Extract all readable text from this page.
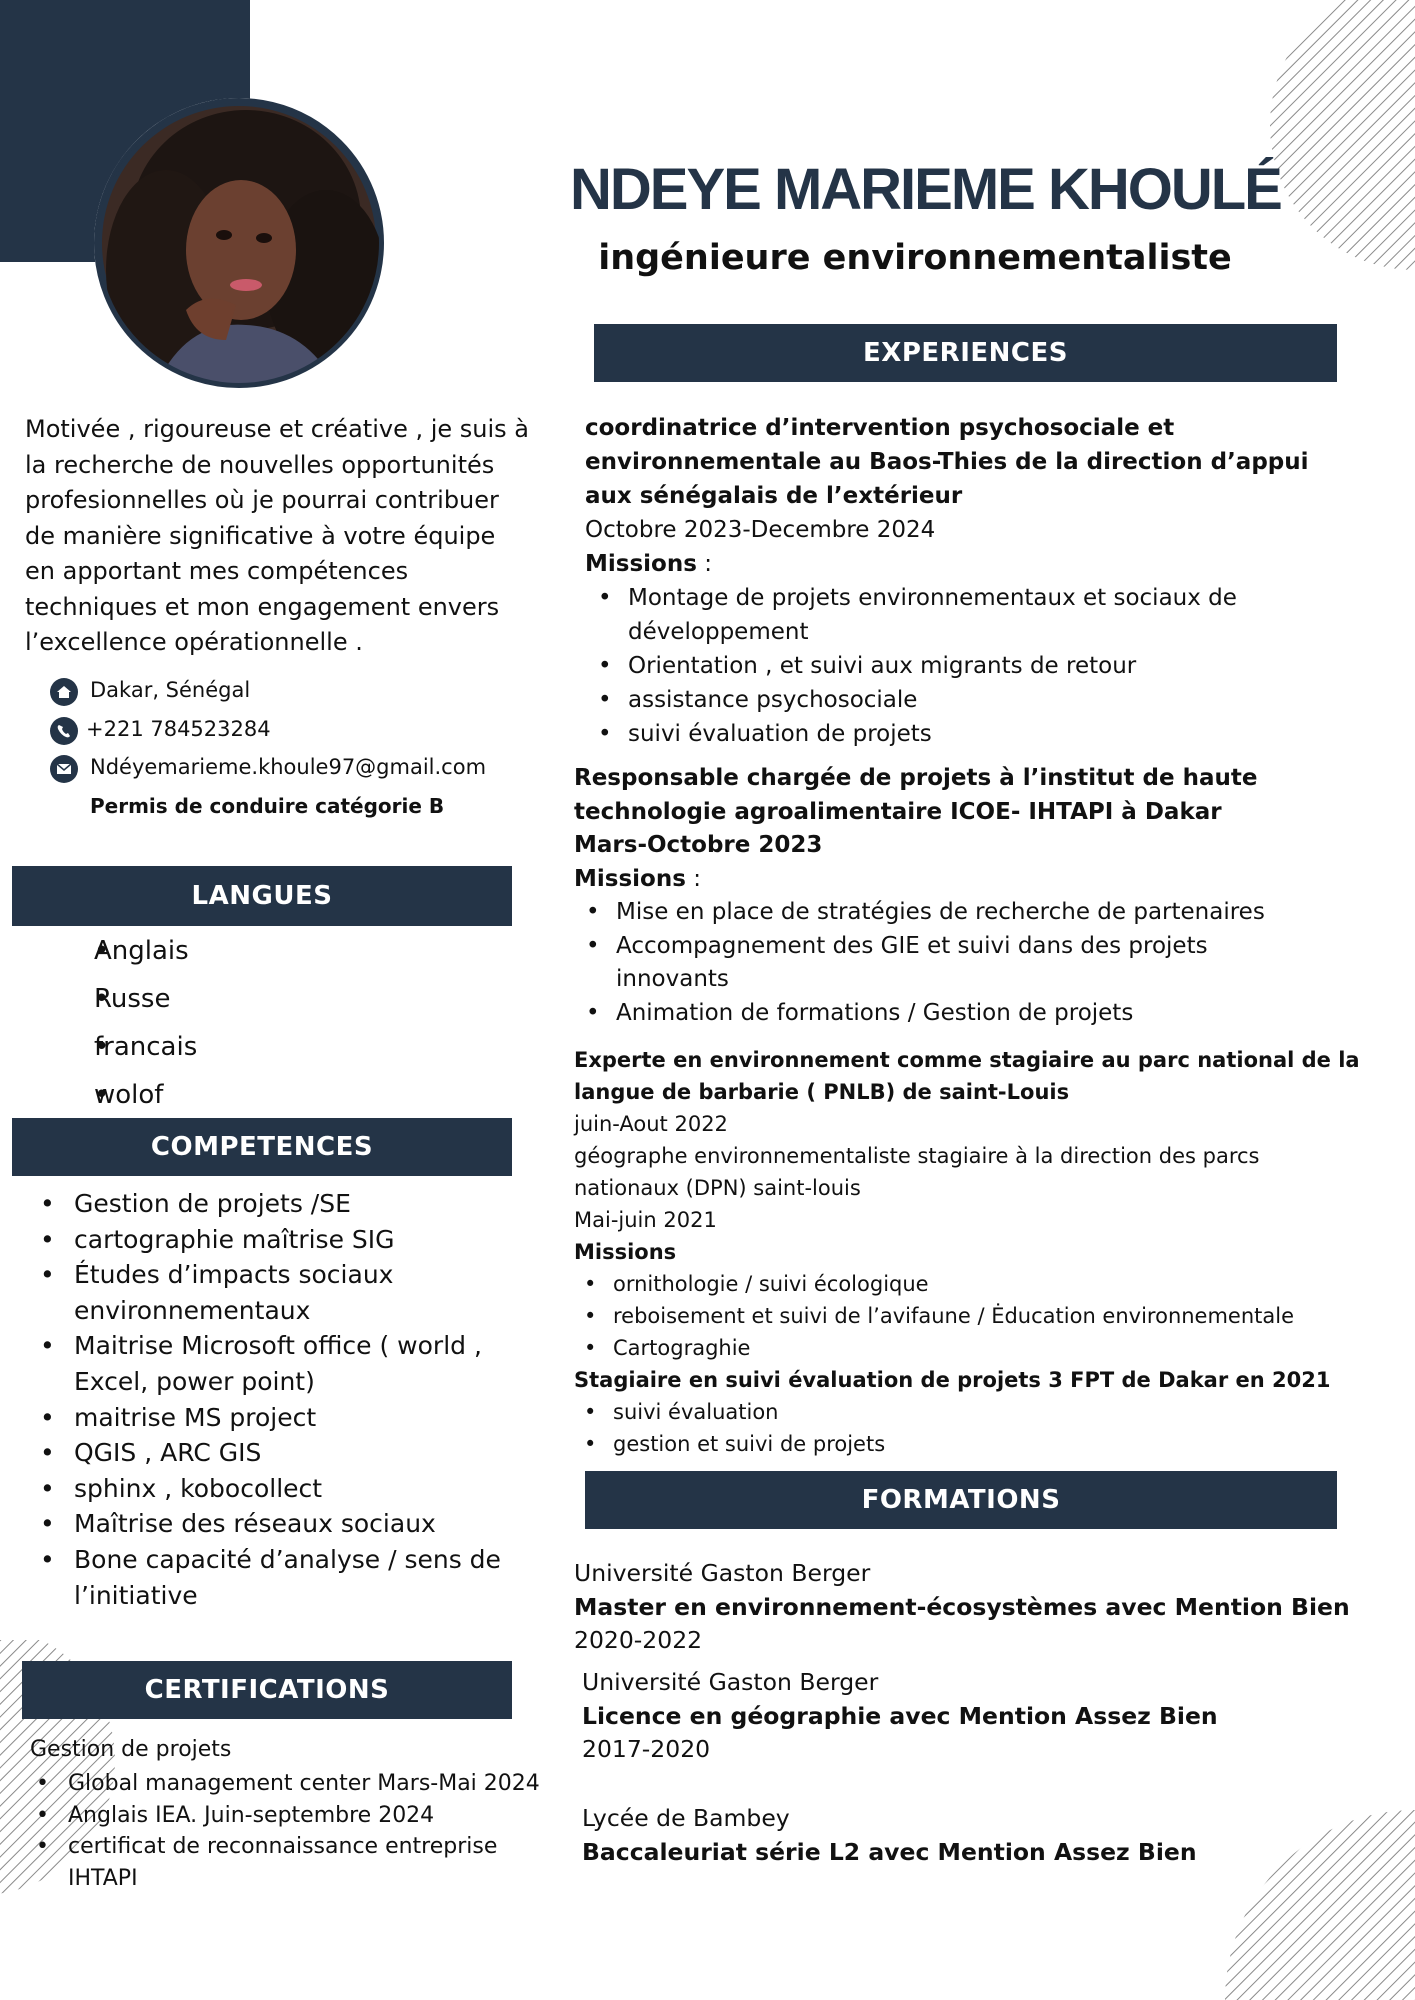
NDEYE MARIEME KHOULÉ
ingénieure environnementaliste
Motivée , rigoureuse et créative , je suis à
la recherche de nouvelles opportunités
profesionnelles où je pourrai contribuer
de manière significative à votre équipe
en apportant mes compétences
techniques et mon engagement envers
l’excellence opérationnelle .
Dakar, Sénégal
+221 784523284
Ndéyemarieme.khoule97@gmail.com
Permis de conduire catégorie B
LANGUES
• Anglais
• Russe
• francais
• wolof
COMPETENCES
• Gestion de projets /SE
• cartographie maîtrise SIG
• Études d’impacts sociaux
environnementaux
• Maitrise Microsoft office ( world ,
Excel, power point)
• maitrise MS project
• QGIS , ARC GIS
• sphinx , kobocollect
• Maîtrise des réseaux sociaux
• Bone capacité d’analyse / sens de
l’initiative
CERTIFICATIONS
Gestion de projets
• Global management center Mars-Mai 2024
• Anglais IEA. Juin-septembre 2024
• certificat de reconnaissance entreprise
IHTAPI
EXPERIENCES
coordinatrice d’intervention psychosociale et
environnementale au Baos-Thies de la direction d’appui
aux sénégalais de l’extérieur
Octobre 2023-Decembre 2024
Missions :
• Montage de projets environnementaux et sociaux de
développement
• Orientation , et suivi aux migrants de retour
• assistance psychosociale
• suivi évaluation de projets
Responsable chargée de projets à l’institut de haute
technologie agroalimentaire ICOE- IHTAPI à Dakar
Mars-Octobre 2023
Missions :
• Mise en place de stratégies de recherche de partenaires
• Accompagnement des GIE et suivi dans des projets
innovants
• Animation de formations / Gestion de projets
Experte en environnement comme stagiaire au parc national de la
langue de barbarie ( PNLB) de saint-Louis
juin-Aout 2022
géographe environnementaliste stagiaire à la direction des parcs
nationaux (DPN) saint-louis
Mai-juin 2021
Missions
• ornithologie / suivi écologique
• reboisement et suivi de l’avifaune / Ėducation environnementale
• Cartograghie
Stagiaire en suivi évaluation de projets 3 FPT de Dakar en 2021
• suivi évaluation
• gestion et suivi de projets
FORMATIONS
Université Gaston Berger
Master en environnement-écosystèmes avec Mention Bien
2020-2022
Université Gaston Berger
Licence en géographie avec Mention Assez Bien
2017-2020
Lycée de Bambey
Baccaleuriat série L2 avec Mention Assez Bien
